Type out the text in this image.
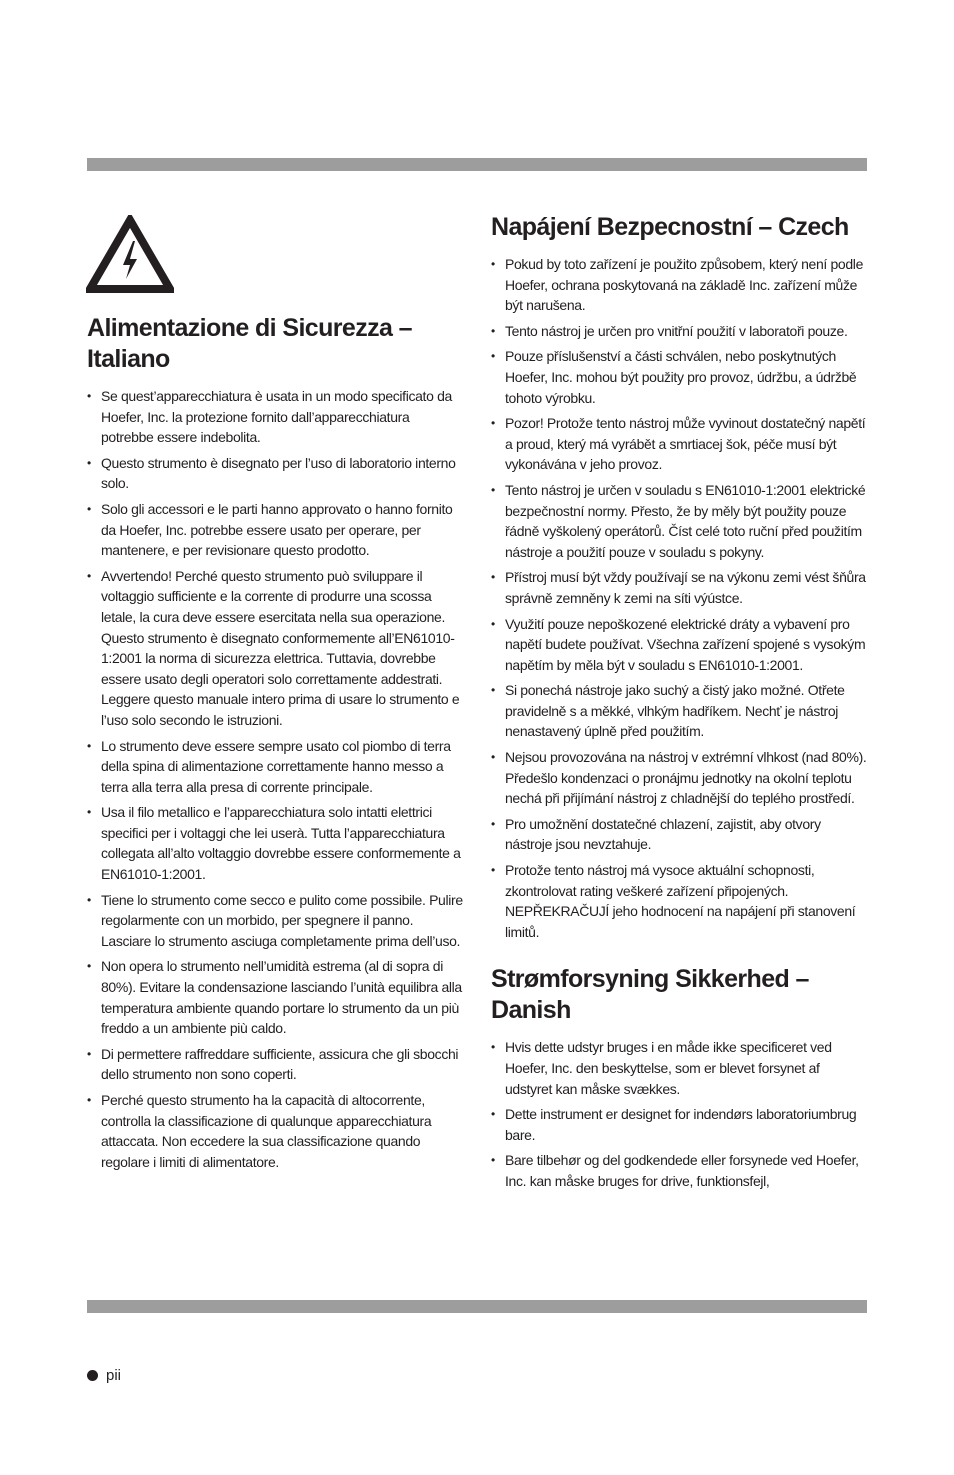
Alimentazione di Sicurezza – Italiano
• Se quest’apparecchiatura è usata in un modo specificato da Hoefer, Inc. la protezione fornito dall’apparecchiatura potrebbe essere indebolita.
• Questo strumento è disegnato per l’uso di laboratorio interno solo.
• Solo gli accessori e le parti hanno approvato o hanno fornito da Hoefer, Inc. potrebbe essere usato per operare, per mantenere, e per revisionare questo prodotto.
• Avvertendo! Perché questo strumento può sviluppare il voltaggio sufficiente e la corrente di produrre una scossa letale, la cura deve essere esercitata nella sua operazione. Questo strumento è disegnato conformemente all’EN61010-1:2001 la norma di sicurezza elettrica. Tuttavia, dovrebbe essere usato degli operatori solo correttamente addestrati. Leggere questo manuale intero prima di usare lo strumento e l’uso solo secondo le istruzioni.
• Lo strumento deve essere sempre usato col piombo di terra della spina di alimentazione correttamente hanno messo a terra alla terra alla presa di corrente principale.
• Usa il filo metallico e l’apparecchiatura solo intatti elettrici specifici per i voltaggi che lei userà. Tutta l’apparecchiatura collegata all’alto voltaggio dovrebbe essere conformemente a EN61010-1:2001.
• Tiene lo strumento come secco e pulito come possibile. Pulire regolarmente con un morbido, per spegnere il panno. Lasciare lo strumento asciuga completamente prima dell’uso.
• Non opera lo strumento nell’umidità estrema (al di sopra di 80%). Evitare la condensazione lasciando l’unità equilibra alla temperatura ambiente quando portare lo strumento da un più freddo a un ambiente più caldo.
• Di permettere raffreddare sufficiente, assicura che gli sbocchi dello strumento non sono coperti.
• Perché questo strumento ha la capacità di altocorrente, controlla la classificazione di qualunque apparecchiatura attaccata. Non eccedere la sua classificazione quando regolare i limiti di alimentatore.
Napájení Bezpecnostní – Czech
• Pokud by toto zařízení je použito způsobem, který není podle Hoefer, ochrana poskytovaná na základě Inc. zařízení může být narušena.
• Tento nástroj je určen pro vnitřní použití v laboratoři pouze.
• Pouze příslušenství a části schválen, nebo poskytnutých Hoefer, Inc. mohou být použity pro provoz, údržbu, a údržbě tohoto výrobku.
• Pozor! Protože tento nástroj může vyvinout dostatečný napětí a proud, který má vyrábět a smrtiacej šok, péče musí být vykonávána v jeho provoz.
• Tento nástroj je určen v souladu s EN61010-1:2001 elektrické bezpečnostní normy. Přesto, že by měly být použity pouze řádně vyškolený operátorů. Číst celé toto ruční před použitím nástroje a použití pouze v souladu s pokyny.
• Přístroj musí být vždy používají se na výkonu zemi vést šňůra správně zemněny k zemi na síti výústce.
• Využití pouze nepoškozené elektrické dráty a vybavení pro napětí budete používat. Všechna zařízení spojené s vysokým napětím by měla být v souladu s EN61010-1:2001.
• Si ponechá nástroje jako suchý a čistý jako možné. Otřete pravidelně s a měkké, vlhkým hadříkem. Nechť je nástroj nenastavený úplně před použitím.
• Nejsou provozována na nástroj v extrémní vlhkost (nad 80%). Předešlo kondenzaci o pronájmu jednotky na okolní teplotu nechá při přijímání nástroj z chladnější do teplého prostředí.
• Pro umožnění dostatečné chlazení, zajistit, aby otvory nástroje jsou nevztahuje.
• Protože tento nástroj má vysoce aktuální schopnosti, zkontrolovat rating veškeré zařízení připojených. NEPŘEKRAČUJÍ jeho hodnocení na napájení při stanovení limitů.
Strømforsyning Sikkerhed – Danish
• Hvis dette udstyr bruges i en måde ikke specificeret ved Hoefer, Inc. den beskyttelse, som er blevet forsynet af udstyret kan måske svækkes.
• Dette instrument er designet for indendørs laboratoriumbrug bare.
• Bare tilbehør og del godkendede eller forsynede ved Hoefer, Inc. kan måske bruges for drive, funktionsfejl,
pii
